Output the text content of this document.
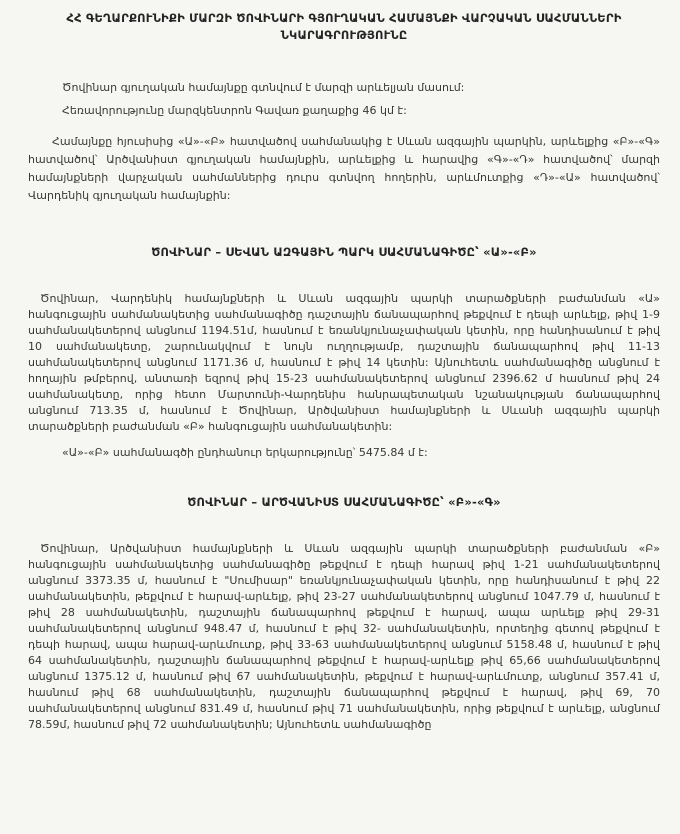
ՀՀ ԳԵՂԱՐՔՈՒՆԻՔԻ ՄԱՐԶԻ ԾՈՎԻՆԱՐԻ ԳՅՈՒՂԱԿԱՆ ՀԱՄԱՅՆՔԻ ՎԱՐՉԱԿԱՆ ՍԱՀՄԱՆՆԵՐԻ ՆԿԱՐԱԳՐՈՒԹՅՈՒՆԸ

Ծովինար գյուղական համայնքը գտնվում է մարզի արևելյան մասում:

Հեռավորությունը մարզկենտրոն Գավառ քաղաքից 46 կմ է:

Համայնքը հյուսիսից «Ա»-«Բ» հատվածով սահմանակից է Սևան ազգային պարկին, արևելքից «Բ»-«Գ» հատվածով՝ Արծվանիստ գյուղական համայնքին, արևելքից և հարավից «Գ»-«Դ» հատվածով՝ մարզի համայնքների վարչական սահմաններից դուրս գտնվող հողերին, արևմուտքից «Դ»-«Ա» հատվածով՝ Վարդենիկ գյուղական համայնքին:

ԾՈՎԻՆԱՐ – ՍԵՎԱՆ ԱԶԳԱՅԻՆ ՊԱՐԿ ՍԱՀՄԱՆԱԳԻԾԸ՝ «Ա»-«Բ»

Ծովինար, Վարդենիկ համայնքների և Սևան ազգային պարկի տարածքների բաժանման «Ա» հանգուցային սահմանակետից սահմանագիծը դաշտային ճանապարհով թեքվում է դեպի արևելք, թիվ 1-9 սահմանակետերով անցնում 1194.51մ, հասնում է եռանկյունաչափական կետին, որը հանդիսանում է թիվ 10 սահմանակետը, շարունակվում է նույն ուղղությամբ, դաշտային ճանապարհով թիվ 11-13 սահմանակետերով անցնում 1171.36 մ, հասնում է թիվ 14 կետին: Այնուհետև սահմանագիծը անցնում է հողային թմբերով, անտառի եզրով թիվ 15-23 սահմանակետերով անցնում 2396.62 մ հասնում թիվ 24 սահմանակետը, որից հետո Մարտունի-Վարդենիս հանրապետական նշանակության ճանապարհով անցնում 713.35 մ, հասնում է Ծովինար, Արծվանիստ համայնքների և Սևանի ազգային պարկի տարածքների բաժանման «Բ» հանգուցային սահմանակետին:

«Ա»-«Բ» սահմանագծի ընդհանուր երկարությունը՝ 5475.84 մ է:

ԾՈՎԻՆԱՐ – ԱՐԾՎԱՆԻՍՏ ՍԱՀՄԱՆԱԳԻԾԸ՝ «Բ»-«Գ»

Ծովինար, Արծվանիստ համայնքների և Սևան ազգային պարկի տարածքների բաժանման «Բ» հանգուցային սահմանակետից սահմանագիծը թեքվում է դեպի հարավ թիվ 1-21 սահմանակետերով անցնում 3373.35 մ, հասնում է "Սումիսար" եռանկյունաչափական կետին, որը հանդիսանում է թիվ 22 սահմանակետին, թեքվում է հարավ-արևելք, թիվ 23-27 սահմանակետերով անցնում 1047.79 մ, հասնում է թիվ 28 սահմանակետին, դաշտային ճանապարհով թեքվում է հարավ, ապա արևելք թիվ 29-31 սահմանակետերով անցնում 948.47 մ, հասնում է թիվ 32- սահմանակետին, որտեղից գետով թեքվում է դեպի հարավ, ապա հարավ-արևմուտք, թիվ 33-63 սահմանակետերով անցնում 5158.48 մ, հասնում է թիվ 64 սահմանակետին, դաշտային ճանապարհով թեքվում է հարավ-արևելք թիվ 65,66 սահմանակետերով անցնում 1375.12 մ, հասնում թիվ 67 սահմանակետին, թեքվում է հարավ-արևմուտք, անցնում 357.41 մ, հասնում թիվ 68 սահմանակետին, դաշտային ճանապարհով թեքվում է հարավ, թիվ 69, 70 սահմանակետերով անցնում 831.49 մ, հասնում թիվ 71 սահմանակետին, որից թեքվում է արևելք, անցնում 78.59մ, հասնում թիվ 72 սահմանակետին; Այնուհետև սահմանագիծը
